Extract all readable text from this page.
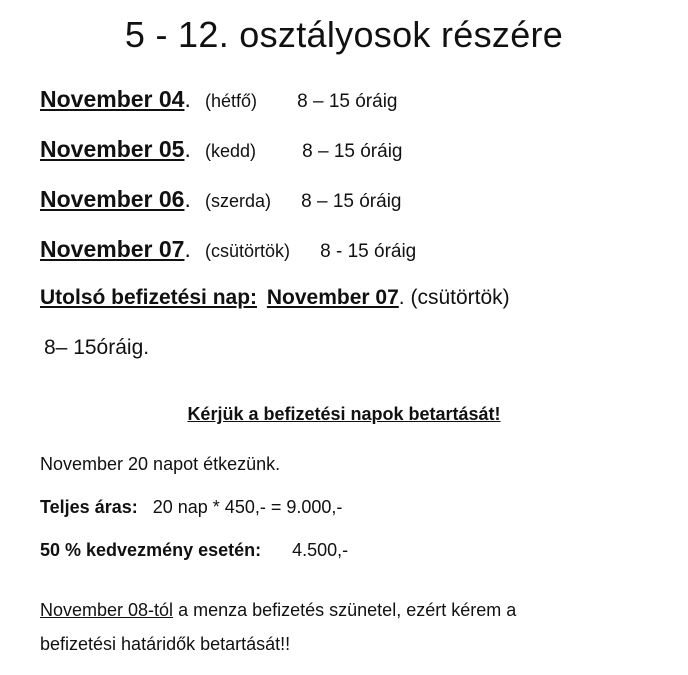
5 - 12. osztályosok részére
November 04. (hétfő) 8 – 15 óráig
November 05. (kedd) 8 – 15 óráig
November 06. (szerda) 8 – 15 óráig
November 07. (csütörtök) 8 - 15 óráig
Utolsó befizetési nap: November 07. (csütörtök)
8– 15óráig.
Kérjük a befizetési napok betartását!
November 20 napot étkezünk.
Teljes áras: 20 nap * 450,- = 9.000,-
50 % kedvezmény esetén: 4.500,-
November 08-tól a menza befizetés szünetel, ezért kérem a
befizetési határidők betartását!!
